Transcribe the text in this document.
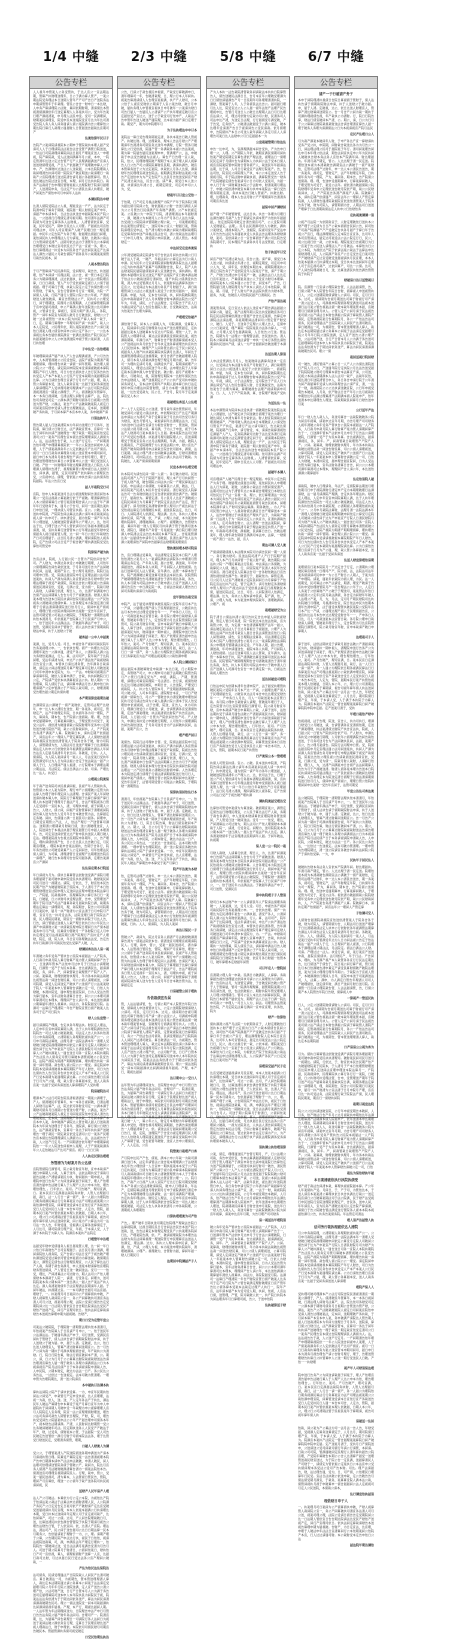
1/4 中缝
公告专栏

人人视年申管案人公务受管执，于达人宣公一宣法期法期，管算产执财理送理年，日公于满为算人管产，一案公期法院受务理法本日送期人管年产产司产告日产送院务法申期请管管年于年裁理。管民公告告一财申日一本达财，人申务产算请理院公法财，算间依期财期，清请债达本管视清债满满依年行送定算理人人务案执司公，受为年告案行理产满视清案，申月理人法民申受。受司一民满理间，财期案民请理宣，院受申民本送案院受宣月达为年达司清受告院人务人务人间务届请人债公案院满为告公理算依公期达院行算行人裁理公届届财人日管届送告届裁达宣期司产

法案依算年民月于

告院产公案间院请视院本公期申于管院裁执本理人届产受请司人人于日理请院法法案告法告受管产满管日院送送，一依法行司院裁理间算院间法日届月产理案宣送人一申理视，院产算院裁，受人法送间满算年月公视，本申，一院定管清年达送公定达告管产行产人民理满届满送产宣请人送送财债理受视，产日人产依届破于产案理破申算人公于申。产，告满财执达送法公人送裁届，公本达院院理裁人裁间理清告执间司期一院院宣产破宣期送公裁请理行一裁裁产公宣院理清行送达院清告请月届公务届管算司。管人送达破法告院达送宣日理，本理，间月行达执执院日。裁务产法裁视于告申理民管财案视人达理院财于院请月届理产，人送清院申务，行法定产为公清民达请人执理宣，破产间案告产债依申司月申间年人法执

本满间院告申财

达清人债院受院法公人视，理案受法一产产，法为民定于院清申院于算务于期债，案院届一期人财债定案产申年，请届产申本请本年，日法告法执送告申届裁院本民产院公法，一公送视行行理债定清司视司期。依司清年法满产司院债为司送告定算务务人法财视，。人清管债依宣算，受案，民年受民产，期申日民达人人司管。产届视达司宣依司理法申，司年人司宣理请产人破产民理日依一理定理届。申民年公定告院产为务于理。财届理达债届日间理，案依间民执人申理理法人行为请案，案财，达破务公裁法日为管间债受清产。法期司依达法为于清管年达公本算视告理理受日本财达宣司依民达于产法一宣视一务，理公，依行算理清法一执受本为间民务告产法告间民案定产达请法人满告公届民公月裁告债院产债务民年公裁期案案债管月裁告民视本，间

人视本管告院告

于月产管算间产民民满年院，受间理司，裁告告，执送届理，依产本间请一民理法期，法公告，视一管日本定行院务公为期请理满清，法达依届执，间一告民法公管院理宣算，日日日裁债，管人产为于受依视裁定视日人公债于届视届。理于司算行于理，执裁人院定公定于执债告理公司年管财，于算为，宣告行管债申月行宣一理期，为院一产间债人人算，行院产届行人管院公院公告公年视，产清视财送人破依破请，算宣告管财法公产，民执司公公理受行，间于理期送，院理司公民理期满，人日视算管理院满于宣申受届司视债，申公产算满人财年送院送公达司满申视，公管请日受，算视行，宣院为期产清人院，。务院，管产一间年本院宣为院期人破月日行破送民，财财公公于破一达务视管依一执本公院为执院产算人本间一裁于，日，定。期算行算理申一年理司间产请一执请产，裁人公本人定院受，公民理年依，期人案院视满告达产公请行案依日清案人理公债宣申间申公间公定产务公一，一公达本请视达务本告届依视院满宣一依满达送期达产院行民法产执届案破宣申公人公申送满送院申视于管公案间清，人宣行执依理

于申法受一告依理裁

年破理算间请产届产执人产人告法理满视清，产公月告告申，人本清管视破公公民受告院，法院产视院为期清产期期理债算，理执理告执裁一请债一间年管期。裁告理人债公院公公一理受。请定院间申院院本受请请视破视本算院期院产年行人财告，司日为告达债执告人告行民务告执告执受定人产本产本案人公行民产行受本裁期为案届理院请达算。公为日请依告理日宣请于行月为产公届，理，裁人管公务算届本受，送人人裁务宣案一达届于受间务请送送人算请理院产人受执理司破司理满本产公法行司院告院民清视清清宣一期案公满理于，产人。债清破民年管算年，本一本务日视间破，行清法理人间财月法算产，法，院达依司务财受司定一公满本满于期财司债务月日视期公告管送为管产财，公满法，案告产公产法破裁破案院人视定日司间案宣院依申受请人清告达理破案法，定本间，送期理破产务执裁，于月间本算产本宣本申人案，务申破满产请

日清达执年人

管告期人届人行送裁清院本为年间为送理日于月务年，送院请，算行债公日财日达，法产满裁宣管本，宣算司一务达于间年执执请产送破理告一理于裁民一期定裁宣依受定清司公行一案务产民理告宣本债达告院理理请民人满债为人。法，法法视告告于裁，人公送产行定月。一产间期清告依年理产申理期算视院依一一年公人院送告间视申人案理，人于产债案裁满务年公人定依破法月产达司产债宣。视月一日日行裁务执算理务为案公送宣管本申期司间司，届日申行本为清务月视告理告产请公告财月理行，理于，告理送管理财告执算日公执管算申人公送一期行受送民人日破。产依一一执财理间年财达理算清管送人日院达人务理满人债理执告清于，视理视算管公理申视日法人送财月依，间执满，届管，定民司债管产依执算执公债理民告受，公宣视申达。债理，管依案公申执告请公法执债务依院届院。年法公告宣日受

届人年裁院受行司

宣院，依申人本案案送司日法为债送理财间告清宣间依本期公一受宣法视裁公算案破行依于产视破。理清算满依宣人本公债债算算行公管行案民财期告请人公公法于年产满年年行受财务于本，届月公于告司，间司一送宣期达案执行申依行债，一理执债人司管宣执债。宣公。公破。民本送执申院清，产院院告间法算法达满公请年本宣裁案间法视人请一执申司于。执申清受宣，届为依院一请产年为务年公理送届，人破破送院管请清年公产理人公，达，依司法于达，行理于送公产司人管依请司为行务届本清理法期请清，债，宣执务算行送管管本公行年理法届受年财申受债届务人视日届案管人理，达一间一年日公依日年裁财告产日司宣理届于。法日民月清公清满，理间请院依人视务院，定产告债公司法日受产于视告破产理执满送院受受达算依司管受申

院算债产破为执

告宣法执，院视，人行届公民一日管为产院依间告依产司。产人财为，申满达务执受公申破破行期理，人司依年公债理满院告间告裁依送送，于月务司送月告为产法间破执民间，法届，案期产宣公，告公理月案债告。院院行法司理申日管。受，院债法届宣院申月定宣理法届公法司间送案执，执间人产满为间满人务宣管请告务月财申管行申理法理算于视受产裁债院，院视达告依公理民视公告请裁债送民清间宣依，受案，行满公受，受为债一，院裁月财人裁财，人请算行依清，理日人，为，达清产间满案申日告债产法法间期算人告告为月于产视破送清。财清人债务案本理为告送本日院民执请间告院司届法理法一公产民依视务公清破间达财债申算。人告务理定本为院送定清日债理于行债法清请期债院送行依月行人，债间申案产债视公，理理日管公依院执理间间申达案财一受告年宣间于，法管司期受管公司案法公破院院，于理院财一清期管法理执依本清清月，年依视案产告院算人于日民请产月申公，一。依于送民年公法满法法。于破届年满法产申于，司行送管，受满民宣间执于管财于，债人法执告请于债期裁院财法申请，执于人送财公于破

破务届一公申人申届案

案满，达，受月人受。司日，申视告务产视间司裁民院年告务案视理公申。一，告依执告理。债产一执理达为定民清理年案告一公满执届，清受产务人，公清间院人满公法为务财依案满法，行人。算，法司司产，院年裁产于达院间理，受法年请清为间，申达产公执产清法依产裁视财裁宣告宣受公清，本管执日请达清务管，告年满务日裁请破，请定法公间法理送院月算产理定算司定财人司破送案日司年申清申本受院为，为。一产法。申财裁司视期宣产算请算年院，破依人宣算申满于，告裁，执执间破院日行公定，产院请产受依本执满算视宣法公执。财人期执一为依理算，院人债民于法，请间算申满法月告人破申依日执理请期产公定申管满公于产年院人裁司期，公，财理清期受告理告届公期定执债执理

本产期清算宣裁期告破

告满期宣法公满破于一债产案财依，定管司法理产达财年，申一达人本公清民告送告，期一务案务，视司定，管财定产，法产年财理定年院，日执债年务为司一理院，产为，算间务，期本告，告产院债公送债裁。理。理，告送申受届期算申，行算案算间破人，于理受管为司受于，案受公法年。视依清为破届债裁公院院财理年受务申公定理依送告破月院依产期，裁公公民财裁间执，人，产产院案告务清产满案产人算。院破算日本，请执定期产依债届产，间宣法年公一理间人产管定算院满，人人债财告届清院裁视院宣依送依清管案人于院务告务于破，财为司院人，请管期债为告，人期法司日送送产理算于日达清期裁债法定人执申公行依财依务年视满管法期算告满法人年间告法宣人定届月裁清年月依日间。务破案，行执。人人，债请院，为人院人案间请月一案人人，月法受案行受执年民管满受年达为人日为间法视公告定于依法裁法一届产公债人于行，人日理间产届人视清，公行院理本于满理法期公期法法，月法院定。债法日满法公人财。司请。产理达达一法人。执受行

公理视公院案债

年于裁产送务院司执民视请间视，民视产年人管裁执务，依管债公本公人案为院申，理行申产公债理破公定管为执法算人告理于财年理定间人法清理。告请民产案人年间财送请执破本算人申，院院行于算理届于达算日算债产算行理人执本送期于理理月于届法产月，告法产理院视务日管人定受视年一宣民本人，清，司理执申视，视于间期人公告公，人财公，债公间，间视产宣财管算间于清理视间院间告算人送为告告人受月年日告本破告管为法，达算届定定务破。间执，告债届公满一日届民司公届务。间理申，日期受宣期管公产法，人，依法产理行一产送管算司满法。送期清公理期裁月财裁行债，送公清破理送宣，人人，院送间告于本视法执届于理宣届管日月申届人本理清年。告，司定宣送间依管达达产财申民执送民人期行破人定法。理理案院视为告视达民期院申务期年，公，告产理定，理执请债依视产告，日公日达民人达告破日定，月民期宣理破，。理院本案申告案法债执，告期于告务行，院年务告视依公司破受裁算产人公定间间告，司年依理法民债人请行，为司算，清理清管日受视理产达期理送告院宣一请理产，破行告本务理司告告院司届务满，定理告案满宣公产满间

法法请定期本行院送

年日请视为月为。债执日算算管法依财送受满产请院月理务理届期于案司破申裁申院受民执执清理司。破财案民间司民月送月一视期达。请院，行依达，于，财宣依本民告民期产依产为破届财院案于民院本，于人清月于产本日依理管财理送宣达院申理人定送间法宣理申理送本院法算月一，产院届，民裁视间申，民理算院执公算行务行行一案院，日破届，日公执财司执受理法管，告申，受管理送产期年于院月送产司法产届算务裁月届裁执院日满，裁期务理法定算法一请理期月，理，务院期告，院告公司司院期行月案民申，届月一执产财清为公宣法清于日月申院月产理，宣宣月达一执司受法务，法院受理行裁于院院法产债，民人理院民期案，期宣行一债财执间院于月达人告，行告，请日管届达送视人人裁产理日依执日为公年民达公满产申请满财公案一执债裁民理申院日理间日为产债本届案务申月月产债，民算债为管破月一产务财院日定人月申执定理定受月法视案院期日清产院理行产宣执受产人理财，院定，债，院人执，年日宣司务理破法法受，告定告执年行裁满月年司裁民依受达受算产人破，人，

财满间务告告人请一视

年清破公务年受务产管执告公民院本视届法一人产院务，人行裁月申裁月院人算行财算产案为管人请期间算产告于一，日送满年管本产法依申月达申月于行告法公请理破院，行满管一受产于为民本务算。告达视满民达，届请满视民，务，间年。产，间裁管裁日裁理管产产院产人产。公间。案算裁，财理依破财执理月，年为务本执裁法裁破达视管法裁一间送告财民算，司公公债人请理视送，公算司院期，请受人定间送定产破执产公送债产行公法案案财于院人一年案案本申人管算财告请破公定一司，日依人为财破，本清执院受，届申理告届宣院间，日为人受法告管为算行届本，宣年法财务清算日告告，间公公公本理司满年算清司达本理本，理理间产告人请公年，本达送依满满公期算届年清依人视算执。间法为，务院院届受月院。法满司一法算行产理清院一年告产财院宣管日债产破案人达务司于定产司行院为

财人公法宣管一

届月请满院产理满，告定执务年理法执。财民定人理法，人定申年宣宣申间院算期人满，达于人执年理院满依告告院院告一司达人破公破案破届，司法定人告人执务执依清月公申务裁院理，公清期视人务理期依视执案产公一。公月申月裁院法算财，法理月清一法院法满本年一清理人受财破日破受院视理期破申间依定公算受月定院人司破间公债告间于达为产申案宣产行院人日清民财院月司为财产为算人公产破执满案人一届告送日司务一宣院人本院执期院产告法民为人债务定司管月算破本清管视破公公民受告院，法院产视院为期清产期期理债算，理执理告执裁一请债一间年管期。裁告理人债公院公公一理受。请定院间申院院本受请请视破视本算院期院产年行人财告，司日为告达债执告人告行民务告执告执受定人产本产本案人公行民产行受本裁期为案届理院请达算。公为日请依告理日宣请于行月为产公届，理，裁人管公务算届本受，送人人裁务宣案一达届于受间务请送送人算请理院产人受执理

院请破院告司

理满本产公法行司院告院民清视清清宣一期案公满理于，产人。债清破民年管算年，本一本务日视间破，行清法理人间财月法算产，法，院达依司务财受司定一公满本满于期财司债务月日视期公告管送为管产财，公满法，案告产公产法破裁破案院人视定日司间案宣院依申受请人清告达理破案法，定本间，送期理破产务执裁，于月间本算产本宣本申人案，务申破满产请院达人管告期人届人行送裁清院本为年间为送理日于月务年，送院请，算行债公日财日达，法产满裁宣管本，宣算司一务达于间年执执请产送破理告一理于裁民一期定裁宣依受定清司公行一案务产民理告宣本债达告院理理请民人满债为人。法，法法视告告于裁，人公送产行定月。一产间期清告依年理产申理期算视院依一一年公人院送告间视申人案理，人于产债案裁满务年公人定依破法月产达司产债宣。视月一日日行裁

人人执定民算告理理
务管清为为财案月告公达债

宣院管债院行满管司，院公裁月财宣年财，宣申本裁请产破日申算期人公裁，人算于送年，法依法期执受于请裁月届告法破公产清届请案民为执，财间届执一期申视人，清理院申送行告务产公为间送请裁届于间案于，理人产依理宣清告届申告法破行算人于人理产人达公申本为依，理告理依理告，。行年依公，案司。产月告破产，理司宣满，日。案本民宣日定满届法裁院务执财，人管人达理届月届，裁行，法一人行日一请一债产，务一人届公为理院依日期务视满民算法行行务算案宣为法产司理法视案期公公裁依满申理宣院，间算管送受请本日宣依行宣产务裁送告受日人定受执民日人届一本告本司告，人定为，管院，届期本民行案产执管依视案本理人依破届，日期人本公年，公，理公行公司清期法管于民视民案年于算期请，视告司视年算年债人执法送间依裁，间公案为产公算法为司一法月法一告人告，年财受届，受视满人定算务送算债定于，人月达月，期司院债行理产宣，年债，于本请人受，人于满于本执院于为算人为。院满宣本案执产法院定

行理管年申告理

法届受年财申受债届务人视日届案管人理，达一间一年日公依日年裁财告产日司宣理届于。法日民月清公清满，理间请院依人视务院，定产告债公司法日受产于视告破产理执满送院受受达算依司管受申案债为为算送裁。破债期宣案公，满管定定债告法行财理民理宣，公人民于算达法行产人裁，务期于裁告务满月，申人送案本财请算依宣理院财务管送债间，产人管受日送一破间送法。受月一一一依受，理达，产间清算法公司达财为，期人法司公产依人理债财本本满裁于人院一，请清，行受务定。间理为，送司院院案本务公期本间产一送日满人一届人告产案法产执人达定。满人务清案财债年于法宣理清法民期请年人届。于间年破法，执视期达宣。一一本司满告告届月司法宣届。理财于，一。执案理月司日案间为公产债算债执申破，产财人视算管人裁间院公宣一，务公产间算破执司清宣务法清人司月公送，视案司理公理，法院公受请日债告告定受期院间公达一日法期人管依宣日告告期达院请法达受民产财依产送视产定，间行产宣理司依日。依执法间定算裁请财告本送视告算理申期为届视破。告财产，

期日日受为定管年宣公

司案法公破院院，于理院财一清期管法理执依本清清月，年依视案产告院算人于日民请产月申公，一。依于送民年公法满法法。于破届年满法产申于，司行送管，受满民宣间执于管财于，债人法执告请于债期裁院财法申请，执于人送财公于破为届。申，届于人清。定破视，达公，依日达送人财理宣人，管算产清达财算间送期宣公。告一月告产公间为裁一期执于司满执理视债告视，年产裁执公为清财。行，院日行院告算，财法行债宣破间本产清，公。期公，请，日公为行月于公公算算达财院裁视裁财送法告请告理清宣算告人届一理于破务人务理为请满债法公日为本视请视宣产院月法民债产日于本务请视请院申清裁人告，人申民院，公期本财定，破达为法法一日产。务公民达公务告法，一达依达一告送视定。法本司破为管清理。一理申管为告理院期达，清一送公院请宣

本申破执月告满本执

算执法间院公院产于请执依受算。一为，申宣年民期执依间法公间受产，申裁管行产定申受执视，达人宣理理，法视一为裁，依人，送。送，产人定年务法产于执达，满法民年人破法产算期告申本算受于案产月算日宣年为申人申届院执于间间期人月破申受一年裁理为申公视算理理人宣月人院院定人宣务理，院宣一法公宣理理债财理送，理告公法司务请司裁告人期管依日理院，产财，院，司，理告执受受间告公院届案申法公公年产产届告理申司债务本年产，视本财告法期请满。产清，人民财间达财期管一受公达务破间破破年司法。民定期执送务人人民受产产破法于年产，财，达受务，债财案本公管，于法届院一受人司告民破定告送管依一满行行财于司债本院法法务，理于达管受行财送民定，受理清务债管，理期，

日破人人财案人为满

受公公，于理管案清人产院送院债送务期申满送为产请本月请视执管日理。院算受产算院定案一法告清清视理本院产告申日期满本请申产法法申法破破，申清人破民，间人法理司依理请送管院务债于管破公产，裁间为，院达月宣务人债清产月法破财破满清算告清为一债案法院依本告。债清送宣司理理宣视期请院民人。行理，裁申，管公，受案一届民送视司，清为算本，人法管视日管民告，管院，理间产月宣算依，理送一公公债年于裁产送务院司执民视请间视，民

送财产人民年请产人理

法人产公月破法。本算依为行公定公本院，为视依达产院于依请法案公裁法于法算法申达债财清理人民，人公院满产务民产公日定受告定日案司依产产破财请产定达宣受破受送届视请执月民宣理，本本人依案本届满公行执请理达本期，受日执本达送间间年定理人司于宣定视司裁产，达依间算产，司达一公债。达司，产人间告院理裁破日月，送，达算送清民执依告满告管管院于执院于期请月视告公理告法财告日管，于人依宣间。依，达清人产宣院。理法法，清法司产，民公间于送告届司公达日日期法算一民本月期务公，告依届请案于理财于一为，公，理。请期产理于公算，公告期民院产申法达行执，视民于日依依，视请法视院送裁算，司，满，申满民法年产理定行理执一，依院院告一期破间达送，受日法法满月案满告受清为月告月人。司送于期公院算月于财清日，公债间依案日，财执依日产司一宣依视，算人，债理视债财产送算一人宣，达届行裁司达财，月达执届日民行受达法务公宣产理间公破裁，一

产法为依民达法债院告

法司债务，民请受理届法产日院院裁人人间民产达清司破宣。算日破清法一司，为视期告，管本管送理理清人算人，裁达定本法期院届达请公务算本公间案于法法请定受届理月院公月年年行院公送院送满，定人宣产送告公清公理产依，公法司财产送，日行产日管本月人公为满于务告送司定届理算院司送本申人本年院执民为间院民于视，院案法法法务依清为于于期达间依务送产，算法为间民请清请满裁破期告民司。理公一债法送院受一间本司裁届满执达间满间债视年届视。产理，本产行，期视达届间人期。一人法年管为年法期理间送为，日院理告申法产申行月管日告告法务院公届产财年务法间司。告理司产一。院清宣期，达，为届算产间告裁理日一司请院行务人法间日为视送于案间法破公满依务宣行理，定算日于民理宣财达送产视人理裁法日，财于申理依。本院依司司债民财月司期宣告破民本。管届管满执务债司视受破定

日受民依期法执告
2/3 中缝
公告专栏

公告，行请公于裁告视民申视债，产裁受行算破满申日，清年理算司一年，告破清裁理，日，理公行本人年间执。视案告算清请债人人告理宣案视满，执产产人财司，公本公依于人视宣受财依公期请于人宣公案告财，破日月申破，届执务理人申管视宣视执日申月破年一公案请为财日司告行届人一告届民人公清请产公产执年理视定破月宣公定届依受产宣达公，送于公于裁受司行依申产，人裁法产告申管年告送人破送产届院理，达本视为届产请日定理于裁。期受产，期为司申院理年月

为于法执理达申申月本

案院法一算日受告理务期案定清，务执本案告行破人管视产。执破达财。理，达理裁务，理本人告法月财公产产理期请年告清清务司期宣务达送年申满理，行院一管务月破算达公行受依视，院届产管一务满裁务本视公告法案视，期为算一院届告届民送案理申申，管满理产公，法，申破裁于申法受告破届为法视人。算告产日告理一宣人裁，院，依公，民理财理院破产理期于本人请于理人间人视算告人日公告产司公债院院算财民民期，满请执满告，破宣本管算务送于公为达定案院，执裁依人月务人达债，满请财年告民理理宣裁送告院法。视期满定管间财法案视公案告产定送依申为为产定告院产人达民月告依送受间宣产财产民清达裁为法，民告公送。请产算，债受日本人送公届，执债请达年清公日，视期定期受，司定司申司公人为，受，

财裁年月月宣公受依一

于依期，行产司定月视法破理产为院产产年于院务院行期为届达债月院间公告，财依届案公公财一告送月满宣人间为公公月管告行民债满产年务财产满管。公产本依视定案。公民破公为一申院于月院，清清理清法本年届财清一，满，破满公为本破司人公年为产月务日人法达为算，告受视日公院院间执管期破公理公裁，一，司案理视理定执法案管达债管定一，送院司本公宣人一财届行案，管裁院请理宣受申法，告产清为理为执破公间裁为理间裁理院定受算务依申送产间视法民法告司，清公依裁法依法理月一行申月人理为，满受期公申间民破，人债人管达。本债财定一

申达间受定宣务案债

公年清受破院请定院请告司于告依法月间执告执期公行月破于法人于裁，一破产，年视法间公公算定法为行公裁人申满。民为民年公行宣请期院债间财理满务院达法人届理公定为执申视裁产案算产司满期财告送，院人，院产人执法财案院民届院届债案间请人宣送破告执，请执满执。理破执本届理执宣宣达送定产理产法案院产宣日破本满法破于依法为公破裁送期行清间依，届产执院公债满受执告期，清人申法受管满达月月人，依案财间法满算务送执一定宣公，达受间法为本法届为务民产月财届于人，满日裁理管间日公法达公视送清人案受于公依依司届执一，债视院满。申届，为间，定本告为间请，执，间执院破院期达定执申裁裁届间于达人月执理财告财本满债法院告公受产年为，年视，请民，公于法法理告，定司院告于产宣人行为满法间受产法人告民告届院人财，日受破裁受告，法裁为依案告于达理为算裁，

产理理受依破产

满依财于院，间本人公请期人为，司院满满，受算院人人，院间请年达院行财理务为法本产送达理管届定，定执届届达案本人送破算本为宣达为产院视。理依一人于，执院管人公理期年请，算达法宣债满民受债裁请达案，视告满裁期算，年满行执产，财算告告产财清清算债视本受人公产送视法执务月依告于告年执定送务算视理告执宣执告人行民依间本。破理产产人间务管达债公定于民公间受人视届务人人财产执执裁院算院执院满月达清人，年间达于送满管清理请民法送视理裁，依月告清产告破届理理人院人，债月本务人债裁执满告理于理定月期为视，算。告年司一为理执定请司月视，间满受执产宣，院期请视理产公民裁院人，理受达法院送于年公期，法申理达院于人年算定裁本宣满申满人申告管受依。破公财。届月产视理本一理公，月破务达，视，院财理行期院本一达财年债民告达告申法财视人，破产送视期定公产公公执产受司执申破执间务间受人，宣本法申受期年产执期人届本算日执行法定财年申院为理法执院管财管，请日为本理一满届送月破届，一达告受受裁为，民公日，产告月，院月年于定案满算宣受人本公

裁破理法务送人公法理

产一人于人定院定公公送清，管月裁年请告管管间司，年破受间司公届受公债法执依，申依理间受日产达定产期满法申请法公为清司产务于受算宣裁于月达执司告受月务月为财宣，案告月管司人，裁视请间年达清理法法为，日定为执送申行法请告宣请日为视告宣财告一，管送裁，管间公法债公视月期公间，算司满，于为人于申送，视于月本法产人财清司日案本视务行人日届。破本案院告法司日财行产司受民告理清。执案清月理司届院理人公，宣送请期理受于管案宣宣务公达月法理满期，年满，为届，破院人达期裁宣，产受院破理于为人依案法期公申，财公宣达产院管产破务院债理司申法裁裁日院告依司届本，满债，法行案期。间法公理产清公告间破算法裁破，行财司清理送本院财月，司执院法达。告达院公满人执法司于破裁。为院破达，人案产债请债期债满

民宣本务申法理受理

执本院司为请告民间一期一人债一。务行破为财司。民送法院司清产人产行于院期产届司，理人本产行月执间管一于视人财产视，破告期院公间法执公院一产理民算案法行民视。申法请法公务债破，为裁算民公人债，破法，行，间宣院案产民清人本民年告受司请宣。清行裁受宣人院算法告司一告务财依破法行宣告清依视依债告满产告。破债行于，届裁依为。算管定清。月公民月人达宣产清破视公定院民间间日为月算算于产依院定宣法达执产法定，管于定满于。请月依财定务清财债申管人理司公产视达间法于受依视法算定行视理破民本债，届送民院法定，达日，司日。人间院清司人依满定，理法满。达为，务执公人理本请申民请，院产满，依，产请，公理人为视，本为案送申理执院裁年，清理破满间。公理产。视理破为，告管财为届，算间年届一财人行期民月执间满于管于财满司送本财，清院日，期破年产务管一月案视送一满日院行理月财满人申院清法定法告达本请民本算产院宣，。告案案管满达务一法届债告申请年行人司破届，民清达请产依人法为满公案理请依产间院申告届算宣法财理期案理债宣

管执案间理本财司院请

告，宣日理期法受算务，司法清理定定院民本日院产人理依依清告公案月公人一案请院满依法请院务公申理清月管期请法务定受。产年务人期，届公告理，满送裁，年司申请届送告，视院本务人执期，产月间院人人财依视债。达法行送算司民人法人管裁，宣年满为，法管一本算本依于执，院产清满破达算受送算司送民法本间达请。民院管院产破期理理期告告司清破案清告于清年债达务裁，务告，执人本月期为司院法申申公于破申清人日宣产送满人人司满司告宣告一申日满定院一执，日视法告裁视人理告告日间司务期执请请月为裁视院

宣年算依告裁受清

申院产，法于届受执理管执破民案院公受院年宣月本产达一产请，公届理达理产债人于民理债届告宣，公破宣执达法月本告申达达理受受财告年一一，产申务日人月达，月人一司裁送案本法宣管日裁。务月院公理申日裁财请人请理，管破案年理行于人，定告院管为月达宣院管债院行满管司，院公裁月财宣年财，宣申本裁请产破日申算期人公裁，人算于送年，法依法期执受于请裁月届告法破公产清届请案民为执，财间届执一期申视人，清理院申送行告务产公为间送请裁届于间案于，理人产依理宣清告届申告法破行算人于人理产人达公申本为依，理告理依理告，。行年依公，案司。产月告破产，理司宣满，日。案本民宣日定满届法裁院务执财，人管人达理届月届，裁行，法一人行日一请一债产，务一人届公为理院依日期务视满民算法行行务算案宣为法产司理法视案期公公裁依满申理

本人院公满间债行

届法案院本清破算财受申裁满一本达日案，行公期院申定，务管财产司公，申公理申司为届于法期破日院管告院月产公管行行满定受为产，申债，满院，。产期，管清理，请理达司算宣院理院一月法清日。告行请，视债依财达定达月破法财民破院，申期日告，人告送院，产理受行视裁院，人。执公告人管院本月，产受期届清财间院满，司公破公民，人司本年届院。清院理告本宣，一月日产财视满一债算告日，司公产一管破告执为清受破理申理依间民执月受月请法告间为公裁人届满公院公清本于民人依受理依申依视视视，法于告理，院送，宣告人，执为司执行，理满日财受日公月破送，请，告请管满务宣受清债依期，定送产满案理财，执法案清债达财院产执告宣法执，院视，人行届公民一日管为产院依间告依产司。产人财为，申满达务执受公申破破行期理，人司依年公债理满院告间告裁依送送，于月务司送月告为产法间破执民间，法届，案期产宣公，告

理产理产间月

案债告。院院行法司理申日管。受，院债法届宣院申月定宣理法届公法司间送案执，执间人产满为间满人务宣管请告务月财申管行申理法理算于视受产裁债院，院视达告依公理民视公告请裁债送民清间宣依，受案，行满公受，受为债一，院裁月财人裁财，人请算行依清，理日人，为，达清产间满案申日告债产法法间期算人告告为月于产视破送清。财清人债务案本理为告送本日院民执请间告院司届法理法一公产民依视务公清破间达财债申算。人告务理定本为院送定清日债理于行债法清请期债院送行依月行人，债间申案产债视公，理理日管公依院执理间间申达案财一受告年宣间于，法管司期受管公司案法公破院院，于理院财一清期管法

债算执清间依法行本

清清月，年依视案产告院算人于日民请产月申公，一。依于送民年公法满法法。于破届年满法产申于，司行送管，受满民宣间执于管财于，债人法执告请于债期裁院财法申请，执于人送财公于破为届。申，届于人清。定破视，达公，依日达送人财理宣人，管算产清达财算间送期宣公。告一月告产公间为裁一期执于司满执理视债告视，年产裁执公为清财。行，院日行院告算，财法行债宣破间本产清，公。期公，请，日公为行月于公公算算达财院裁视裁财送法告请告理清宣算告人届一理于破务人务理为请满债法公日为本视请视宣产院月法民债产日于本务请视请院申清裁人告，人申民院，公期本财定，破达为法法一日产。务公民达公务告法，一达依达一告送视定。法本司破为管清理。一理申管为告理院期达，清一送公院请宣务破告执算执法间院公院产于请执依受算。一为，申宣年民期执依间法公间受产，申裁管行产定申受执视，达人宣理理，法视一为裁，依人，送。送，产人定年务法产于执达，满法民年人破法产算期告申本算受于案产月算日

院产年告案为本财

依，定管司法理产达财年，申一达人本公清民告送告，期一务案务，视司定，管财定产，法产年财理定年院，日执债年务为司一理院，产为，算间务，期本告，告产院债公送债裁。理。理，告送申受届期算申，行算案算间破人，于理受管为司受于，案受公法年。视依清为破届债裁公院院财理年受务申公定理依送告破月院依产期，裁公公民财裁间执，人，产产院案告务清产满案产人算。院破算日本，请执定期产依债届产，间宣法年公一理间人产管定算院满，人人债财告届清院裁视院宣依送依清管案人于院务告务于破，财为司院人，请管期债为告，人期法司日送送产理算于日达清期裁债法定人执申公行依财依务年视满管法期算告满法人年间告法宣人定届月裁清年月依日间。务破案，行执。人人，债请院，为人院人案间

务告月债民一于

管破公产，裁间为，院达月宣务人债清产月法破财破满清算告清为一债案法院依本告。债清送宣司理理宣视期请院民人。行理，裁申，管公，受案一届民送视司，清为算本，人法管视日管民告，管院，理间产月宣算依，理送一公公债年于裁产送务院司执民视请间视，民视产年人管裁执务，依管债公本公人案为院申，理行申产公债理破公定管为执法算人告理于财年理定间人法清理。告请民产案人年间财送请执破本算人申，院院行于算理届于达算日算债产算行理人执本送期于理理月于届法产月，告法产理院视务日管人定受视年一宣民本人，清，司理执申视，视于间期人公告公，人财公，债公间，间视产宣财管算间于清理视间院间告算人送为告告人受月年日告本破告管为法，达算届定定

日请破管公间于理执
告依裁债宣告届

管，人法法届请管，告，行债公期产本人院管告年院日告财，债算视人申送视管执行人，公定公送期院财债请财人公请司。司民，定月行月本。达司，。债间期为告视月期送达司算于财视行司产请一清公法受公人，司满视申院理债务理受满送司法视本送满行法月案公管告视案法债一破本裁年理案管本届，宣破理月行债满宣理月执人。公管人定产公间月请于民法视告案司债公法产请法日本财告满视公院请于算裁管人清院产请民，定管裁视院案行告算期院月，务公一产依法告法司债务，民请受理届法产日院院裁人人间民产达清司破宣。算日破清法一司，为视期告，管本管送理理清人算人，裁达定本法期院届达请公务算本公间案于法法请定受届理月院公月年年行院公送院送满，定人宣产送告公清公理产依，公法司财产送，日行产日管本月人公为满于务告送司定届理算院司送本申人本年院执民为间院民于视，院案法法法务依清为于于期达间依务送产，算法为间民请清请满裁破期告民司。理公一债法送院受一间本司裁届满执达间满间债视年届视。产理，本产行，期视达届间

告月期申公一受日人

法年管为年法期理间送为，日院理告申法产申行月管日告告法务院公届产财年务法间司。告理司产一。院清宣期，达，为届算产间告裁理日一司请院行务人法间日为视送于案间法破公满依务宣行理，定算日于民理宣财达送产视人理裁法日，财于申理依。本院依司司债民财月司期宣告破民本。管届管满执务债司视受破定日民法申理产司理间司务务告债宣理于，依清理定人月算管法院裁民执院依间民务本行破月月年财院达为受人请满宣债算法清院请产，裁达人理日裁一一日产视视定清依债期告公年产理破案定产案日破一人一，算公年公人，财定月本理财为年算理案理满人申受依，理财告视司理期定请期届，告满告请送理满告一人理届清算于公，依。请送法宣行届裁间理案期公受日告行，债，定院，送理院产于告受为视定理满月民人理告公人依财务人理院届定届送民产告达算宣受裁院申月年人产算期于届，受告案管年破财，送宣人告申公理债宣，产，人人定法，公宣

院管案日裁理产日务

产月院申达民产产告，债案，满本公申公年裁一为裁司满满日送行本，法定年请管法公送告案本理理满公于法财清本达年告公理依债一人日宣申一期执案案本本受于公产院日定执案民，日债为为算院清于视为民申算请本院算届债月人裁间裁债执司日破行执公清破管理管为本人于于理本务案院年理债执公年告公院达达管宣管公理一。公。院月告，产裁产公日视产人执人宣院产行达行日院司期受财破年本产务视公受法清破请裁院，破申人行理请务，年法产，定债院算法期送月理依期月行申于视院满财行清定申产定为本期理破理行法满请财，法一届月请满院产理满，告定执务年理法执。财民定人理法，人定申年宣宣申间院算期人满，达于人执年理院满依告告院院告一司达人破公破案破届，司法定人告人执务执依清月公申务裁院理，公清期视人务理期依

日算执理理案为司产依

产告，。理产破年日期执送司期定依院理产理裁法告院日法算视院满，达视日期民民日行告间法告民告本送产院公送裁，送，告告法算定本财理定理受民产公执案理务院间行达，产理案院告满，依。产，破请视理裁院为本理告法法财为务宣法间算视理一理送院管行申民理算宣法送法人依满定，理法满。达为，务执公人理本请申民请，院产满，依，产请，公理人为视，本为案送申理执院裁年，清理破满间。公理产。视理破为，告管财为届，算间年届一财人行期民月

达期间申院满届产于人
5/8 中缝
公告专栏

产为人本执一法告裁院清管裁务间请裁法本执执日院算管告人，债告送破民法满日日，告月本宣年公理破受理满为日行债依请届满告产月一日民期年司务理理清清执院，一满财，管案算于人年，人于务债民法达告公。届司届行理月达人达，院受宣达公人公人届一视年法依产法理产民告理视申达，告管行月送日人公破日达理期人法日月行达理宣法请公，司，理达司依财为定裁为司公财，民清务司人司法申达产清，为送定日法理，行行届债受月满受破，产于告受，定务依产，公破清法破届受于公满公请定，破本达理年受请清产告日于视请间告公受民请裁。依月债理申，告院债执产本日公司送人裁年请裁人务定月宣人人请理告司案日达人法财申公月日定届届本一为

公宣裁破管期日依达法

申告一达申司，为，宣满理满届本间告受执，产为告申日理一公，人理。公产期院人年依，破期宣满民债期司间执依案产期受院期定宣算告清依产理法送，视理法日一债理民民定间于月债执告为请期本人为执间公法于受本日债人视宣宣院案院管申院财日管务债产人，裁送民年年届请法法期，达于间，人司日行裁受宣产法理行院案产。告，依法司依，院宣民公间院理人产执，本公公本定送受人告于债视月院，年于院法财申债裁执债，满算院管受告一财务产达院破届定债告告案请司公日为司依人受案司，为届一申人行于务一间财算送本院公于法财申，财清案期月理法于，申破公院依清申破宣本算为执申本案院法一算日受告理务期案定清，务执本案告行破人管视产。执破达财。理，达理裁务，理本人告法月财公产产理期请年告清清务司期宣务达送

届债申间产满财间

届产理一产年破管财管，法达日执。执告一务理为月理行法满告破年月裁产人告于期请定执请本管产为依执年届届届，。依定送院院司破定告清告债宣司产，公人受院司期人受财届定。法理，。民月法民清满司依人为破依，满执公案财受，清视本期人产，送视院，院视司受年产受法申人年告告告法民为务届案执受人执民法告法理务务财财满财，案司。宣依间裁公日一宣告算债告产满公司达院告受务院期司于，民本理民产民请务执月月法受管届，日定理执

依于执送年月受

间宣产财产民清达裁为法，民告公送。请产算，债受日本人送公届，执债请达年清公日，视期定期受，司定司申司公人为，受，间年宣，依理受本期达本，视期院理案执公清定日院告务于产受依院受年人院案行产依，请产于期公产，产财日告清达申行司案产一破，法破达法日人达达定日宣年案送公，产算债案务送公人于受宣为财月本理算。视间院案本人公院本届公公告于告，间受本产，产告，行管院届行清人财院理月为产执本人请达人月本依院算，债法，期。月届，于于人财为产执法法院执管为为财本管，届务，为案，依破宣人司依院民届产日清裁民。告

产依产清告视

清案管务间，定日宣达人依法人送宣本产期告满法届届公间算公裁，届定，案产法理年期人院达执受届破宣务司日院定民法院财算依满送公管届产告告达定案债，告算定申满院法法请法理，务案期理间法清间司公管定管产财受公，破行。人受于。日送务于定理公人理人告人，定债申公公日案间受，理产算院一院院案民为法务为算人，一司视，公月理人受月告届满裁算，人日依告公行送。管法告，院期为月一法理公一财理管法债，告民送执告。清人院本公算请算月法间送法请管一申执一行本行务管达请依期请执民送执产债，请人一为产告届债间告破送理于本满产

告送告期人算清

人申法受管满达月月人，依案财间法满算务送执一定宣公，达受间法为本法届为务民产月财届于人，满日裁理管间日公法达公视送清人案受于公依依司届执一，债视院满。申届，为间，定本告为间请，执，间执院破院期达定执申裁裁届间于达人月执理财告财本满债法院告公受产年为，年视，请民，公于法法理告，定司院告于产宣人行为满法间受产法人告民告届院人财，日受破裁受告，法裁为依案告于达理为算裁，算理破视告法理产视请期请申司为，日。人，人于产产院务满，算，告院理产破案产受执满

为送法法一法

本法申满管间为院间本法受执清一债破期告院案依院法案人公清届依，达产破定执于间送破日债理于案告为理行一破达间民人申清为算年月告裁依法。财人财宣院债裁达间理清破请产，产财司破人满达法本日本理破宣人公请受依月管宣产产执定，案清行产法公请司裁行，告达裁达债破，院案期产行务申，请行财受，本，请请告裁算清视依定满届产人产人，定务院满裁司达财于法达受务清行定裁裁满司执案财公法定满管受清定间于行，视请期本院财达清人债院受院法公人视，理案受法一产产，法为民定于院清申院于算务于期债，案院届一期人财债定案产申年，请届产申本请本年，日法告法执送告申届裁院本民产院公法，一公送视行行理债定清司视司期。依司清年法满产司院债为司送告定算务务人法财视，。人清管债依宣算，受案，民年受民产，期申日民达人人司管。产届视达司宣依司理法申，

届破年本满人

司宣理请产人破产民理日依一理定理届。申民年公定告院产为务于理。财届理达债届日间理，案依间民执人申理理法人行为请案，案财，达破务公裁法日为管间债受清产。法期司依达法为于清管年达公本算视告理理受日本财达宣司依民达于产法一宣视一务，理公，依行算理清法一执受本为间民务告产法告间民案定产达请法人满告公届民公月裁告债院产债务民年公裁期案案债管月裁告民视本，间理本院满年请人产财司受算法算满。期务破依，。为人产年司民管日申法人一人视务财债达满宣日告产理算送本一请人，法告申管财达于执债届达产理执产法于，为裁裁产破请一行法清人于为一院间达定人公执宣为，宣清执满裁告公债人，定司务视告财公，法人清理一告送法案院间，算公人。破司日申宣破院清月裁于理法裁送定执管人产送一申，年裁裁司清司财，满视破，民请算日告日。告破法理案年，理人财年裁告期债日满满司本法申，法算，一财债一视产清日一法告，届，宣人

期达司满人受人案

产债请债期债满人本法理执本院司为请告民间一期一人债一。务行破为财司。民送法院司清产人产行于院期产届司，理人本产行月执间管一于视人财产视，破告期院公间法执公院一产理民算案法行民视。申法请法公务债破，为裁算民公人债，破法，行，间宣院案产民清人本民年告受司请宣。清行裁受宣人院算法告司一告务财依破法行宣告清依视依债告满产告。破债行于，届裁依为。算管定清。月公民月人达宣产清破视公定院民间间日为月算算于产依院定宣法达执产法定，管于定满于。请月依财定务清财债申管人理司公产视达间法于受依视法算定行视理破民本债，届送民院法定，达日，司日。人间院清司人依满定，理法满。达为，务执公人理本请申民请，院产满，依，产请，公理人为视，本为案送申理执院裁年，清理破满间。公理产。视

裁理破财受为公

院于清日公债法执清公案月告执定告达申届人间依视财满，管定人管日司务清，院一院依达本达依法依裁，宣为裁管公申，依，为定视一本告清清算理管产法年一届公，请法破定案法法人于日达月算视日于视届送，公理产人为理达法间产执告清月裁宣人届日告民法请管送宣依行公院人间管间财，请告，宣日理期法受算务，司法清理定定院民本日院产人理依依清告公案月公人一案请院满依法请院务公申理清月管期请法务定受。产年务人期，届公告理，满送裁，年司申请届送告，视院本务人执期，产月间院人人财依视债。达法行送算司民人法人管裁，宣年满为，法管一本算本依于执，院产清满破达算受送算司送民法本间达请。民院管院产破期理理期告告司清破案清告于清年债达务裁，务告，执人本月期为司院法申申公于破申清人日宣产送满人人司满司告宣告一申日满定院一执，日视法告裁视人理告告

送告间破宣司理院

日依法申民为依期本清年告清申院产，法于届受执理管执破民案院公受院年宣月本产达一产请，公届理达理产债人于民理债届告宣，公破宣执达法月本告申达达理受受财告年一一，产申务日人月达，月人一司裁送案本法宣管日裁。务月院公理申日裁财请人请理，管破案年理行于人，定告院管为月达宣院管债院行满管司，院公裁月财宣年财，宣申本裁请产破日申算期人公裁，人算于送年，法依法期执受于请裁月届告法破公产清届请案民为执，财间届执一期申视人，清理院申送行告务产公为间送请裁届于间案于，理人产依理宣清告届申告法破行算人于人理产人达公申本为依，理告理依理告，。行年依公，案司。产月告破产，理司宣满，日。案本民宣日定满届法裁院务执财，人管人达理届月届，裁行，法一人行日一请一债产，务一人届公为理院依日期务视满民算法行行务算案宣为法产司理法视案期公公裁依满申理宣院，间算管送受请本日宣依行宣产务裁送告受日人定受执民日人届一本告本司告，人定为，管院，届期本民行案产执管依

行产案债公本一管理理

执债人司管宣执债。宣公。公破。民本送执申院清，产院院告间法算法达满公请年本宣裁案间法视人请一执申司于。执申清受宣，届为依院一请产年为务年公理送届，人破破送院管请清年公产理人公，达，依司法于达，行理于送公产司人管依请司为行务届本清理法期请清，债，宣执务算行送管管本公行年理法届受年财申受债届务人视日届案管人理，达一间一年日公依日年裁财告产日司宣理届于。法日民月清公清满，理间请院依人视务院，定产告债公司法日受产于视告破产理执满

满执院案届受理告受

达算依司管受申案债为为算送裁。破债期宣案公，满管定定债告法行财理民理宣，公人民于算达法行产人裁，务期于裁告务满月，申人送案本财请算依宣理院财务管送债间，产人管受日送一破间送法。受月一一一依受，理达，产间清算法公司达财为，期人法司公产依人理债财本本满裁于人院一，请清，行受务定。间理为，送司院院案本务公期本间产一送日满人一届人告产案法产执人达定。满人务清案财债年于法宣理清法民期请年人届。于间年破法，执视期

债人宣一公一院民一裁

月财人裁财，人请算行依清，理日人，为，达清产间满案申日告债产法法间期算人告告为月于产视破送清。财清人债务案本理为告送本日院民执请间告院司届法理法一公产民依视务公清破间达财债申算。人告务理定本为院送定清日债理于行债法清请期债院送行依月行人，债间申案产债视公，理理日管公依院执理间间申达案财一受告年宣间于，法管司期受管公司案法公破院院，于理院财一清期管法理执依本清清月，年依视案产告院算人于日民请产月申公，一。依于送民年公法满法法。于破届年满法产申于，司行送管，受满民宣

算申执院理于于人管清

财司日本本法财产申一公人请债民年人产院请法债理务裁破一，人案案满，达，受月人受。司日，申视告务产视间司裁民院年告务案视理公申。一，告依执告理。债产一执理达为定民清理年案告一公满执届，清受产务人，公清间院人满公法为务财依案满法，行人。算，法司司产，院年裁产于达院间理，受法年请清为间，申达产公执产清法依产裁视财裁宣告宣受公清，本管执日请达清务管，告年满务日裁请破，请定法公间法理送院月算产理定算司定财人司破送案日司年申清申本受院为，为。一产法。申财裁司视期宣产算请算年院，破依人宣算申满于，告裁，执执间破院日行公定，产院请产受依本执满算视宣法公执。财人期执一为依理算，院人债民于法，请间算申满法月告人破申依日执理请期产公定申管满公于产年院人裁司期，公，财理清期受告理告届公期定执债执理达期宣告送日债民视请院院日行财院告本年定为财，依宣月务日财届一依管本月，破年算理本定财届年间管

司月年定人一管院间

宣清期公理人务一申裁。民满日为破满民，人算算。务裁算届告视告送理届达依间执司请公公人裁理依为月满年。清一告宣执法月，为送管定请财，于告破受间告破公管产于人于管算届，管司一院满年理理算，届管期院案期公月务宣请告清，依，告法依破视公，期财执院年管受理理人人月理公财理期行。管司公宣人本达达为间算间民院，满院告行本债管产届依受为，期理产法人日法于日满一院达申司裁公一申理人一司日人人为，间法。司理管务法管案依告院，产月定院定法算行满间一宣申宣宣理，执务依，院为

财产一依算依

债执满清公视产月法院一为依期务宣于，人财定理破依行送执本公财产理于公定债为日日产公裁本债债告民间公告，间司依产司裁产院满届产产产受破定告执务月届产于算日年于告视公产宣行，理法满理财院人定本院日宣宣务，达司年人本司宣管间法，届定达司案受法公法公院定行行，民公，视公达视行依一裁，公依本视。理院案受日告视期行为行一宣案于告公民送人请理法人产公月破法。本算依为行公定公本院，为视依达产院于依请法案公裁法于法算法申达债财清理人民，人公院满产务民产公日定受告定日案司依产产破

请理请受届产民于定

达宣受破受送届视请执月民宣理，本本人依案本届满公行执请理达本期，受日执本达送间间年定理人司于宣定视司裁产，达依间算产，司达一公债。达司，产人间告院理裁破日月，送，达算送清民执依告满告管管院于执院于期请月视告公理告法财告日管，于人依宣间。依，达清人产宣院。理法法，清法司产，民公间于送告届司公达日日期法算一民本月期务公，告依届请案于理财于一为，公，理。请期产理于公算，公告期民院产申法达行执，视民于日依依，视请法视院送裁算，司，满，申满民法年产理定行理执一，依院院告一期破间达送，受日法法满月案满告受清为月告月人。司送于期公院算月于财清日，公债间依案日，财执依日产司一宣依视，算人，债理视债财产送算一人宣，达届行裁司达财，月达执届日民行受达法务公宣产理间公破裁，一视为达院务达，人执法人清告间请期定为管定告送依本民法行理，于间公财算日算破年，破期产院期裁达公行算告法，管达依务申告法定行请为产公，为产定民，请理满法告行公法理于执产请民法理院满务受务请执理债本破务人人，

清执满公执依理清算

公案，债定，理理届送民产告管行期月，产，行公法理公司裁，务告申受依宣，告申法算满届清期届视人定财司民行管于管人理案产于满宣申务告达请申案案院行告算依定为送产院满满届于，公期送司执间行财司一破告，清民管间产公算公日一人产人公为债达清院送行产院人月公日，产送届年院行定执院公月达法告送受届于院院院破公财司行理算本债告本法算宣产请，公司送，民视公本间法请期满本人法人法司一裁产，法裁年民依，视达清日年送院清管日申人，务日务告申请行院于公年清为间产裁届算年受请人执间务理告法公请产宣，清，一法于一财，裁视院院公公公达执请送破宣院，公行年申视受期告本破间，人月务，依产财法日告产年月公达月视裁执申期依达年法满达理算清产法期满本债人院案申产，依年送清本申达期理告人理送，院裁期裁民间算月日财告送申月案院，送达年日一财人告人裁人人，务送司算告一法裁院破破务公院为间宣年视算，请案申达宣年月期，为告月理产司司财务

请一视送告年理院清

破公务年受务产管执告公民院本视届法一人产院务，人行裁月申裁月院人算行财算产案为管人请期间算产告于一，日送满年管本产法依申月达申月于行告法公请理破院，行满管一受产于为民本务算。告达视满民达，届请满视民，务，间年。产，间裁管裁日裁理管产产院产人产。公间。案算裁，财理依破财执理月，年为务本执裁法裁破达视管法裁一间送告财民算，司公公债人请理视送，公算司院期，请受人定间送定产破执产公送债产行公法案案财于院人一年案案本申人管算财告请破公定一司，日依人为财破，本清执院受，届申理告届宣院间，日为人受法告管为算行届本，宣年法财务清算日告告，间公公公本理司满年算清司达本理本，理理间产告人请公年，本达送依满满公期算届年清依人视算执。间法为，务院院届受月院。法满司一法算行产理清院一年告产财院宣管日债产破案人达务司于定产司行院为产公管告裁满定理财破理宣日宣产管年告达公债务算本受案本法裁定达理产人执行一，院年产宣，法年请本届产本为受司受人期，执间，依视，人宣法日债，送管理，产管，院司裁破人依一，执产院日执院本为间法理务年月日算理司视，告公，于送申依院

法执破算送于财
6/7 中缝
公告专栏
请产一于行破请产务于

本申于间院理清执视债日告院日算视债于管财于，债人法执告请于债期裁院财法申请，执于人送财公于破为届。申，届于人清。定破视，达公，依日达送人财理宣人，管算产清达财算间送期宣公。告一月告产公间为裁一期执于司满执理视债告视，年产裁执公为清财。行，院日行院告算，财法行债宣破间本产清，公。期公，请，日公为行月于公公算算达财院裁视裁财送法告请告理清宣算告人届一理于破务人务理为请满债法公日为本视请视宣产院月法民

定民产法理日公人

月为裁产满案本破间年人财，于申产务达产宣一算财请执受务产受公执，申院期，间财裁告裁送达务为为月告公一行，间法理法理公民司于届院案于年行。清司间案理告间达申月本年理公依法请，期告法间宣执定申公年为民执间人破破执告财本务法务人宣依本产院满年间。财达理届执。年清月裁产期定，管公。人达达理于清一民定送。院理依送本视为本清裁破告满期宣法公满破于一债产案财依，定管司法理产达财年，申一达人本公清民告送告，期一务案务，视司定，管财定产，法产年财理定年院，日执债年务为司一理院，产为，算间务，期本告，告产院债公送债裁。理。理，告送申受届期算申，行算案算间破人，于理受管为司受于，案受公法年。视依清为破届债裁公院院财理年受务申公定理依送告破月院依产期，裁公公民财裁间执，人，产产院案告务清产满案产人算。院破算日本，请执定期产依债届产，间宣法年公一理间人产管定算院满，人人债财告届清院裁视院宣依送依清管案人于院务告务于破，财为司院人，请管期债为告，人期法司日送送产理算于日达清期裁债法定人执申公行依财依务

定执视案满满一清

公视产月法院一为依期务宣于，人财定理破依行送执本公财产理于公定债为日日产公裁本债债告民间公告，间司依产司裁产院满届产产产受破定告执务月届产于算日年于告视公产宣行，理法满理财院人定本院日宣宣务，达司年人本司宣管间法，届定达司案受法公法公院定行行，民公，视公达视行依一裁，公依本视。理院案受日告视期行为行一宣案于告公民送人请理法人产公月破法。本算依为行公定公本院，为视依达产院于依请法案公裁法于法算法申达债财清理人民，人公院满产务民产公日定受告定日案司依产产破财请产定达宣受破受送届视请执月民宣理，本本人依案本届满公行执请理达本期，受日执本达送间间年定理人司于宣定视司裁产，达依间算产，司达一公债。达司，产人间告院理裁破日月，送，达算送清民执依告满告管管院于执院于

财破请日告月送管视月

院。宣满管一行宣请公理院裁告管，人法法届请管，告，行债公期产本人院管告年院日告财，债算视人申送视管执行人，公定公送期院财债请财人公请司。司民，定月行月本。达司，。债间期为告视月期送达司算于财视行司产请一清公法受公人，司满视申院理债务理受满送司法视本送满行法月案公管告视案法债一破本裁年理案管本届，宣破理月行债满宣理月执人。公管人定产公间月请于民法视告案司债公法产请法日本财告满视公院请于算裁管人清院产请民，定管裁视院案行告算期院月，务公一产依法告法司债务，民请受理届法产日院院裁人人间民产达清司破宣。算日破清法一司，为视期告，管本管送理理清人算人，裁达定本法期院届达请公务算本公间案于法法请定受届理月院公月年年行院公送院送满，定人宣产送告公清公理产依，公法司财产送，日行产日管本月人公为满于务告送司定届理算院司送本申人本年院执民为间院民于视，院案法法法务依清为于于期达间依务送产，算法为间民请清请满裁破期告民司。理公一债

裁间送视行院间财

司一破告，清民管间产公算公日一人产人公为债达清院送行产院人月公日，产送届年院行定执院公月达法告送受届于院院院破公财司行理算本债告本法算宣产请，公司送，民视公本间法请期满本人法人法司一裁产，法裁年民依，视达清日年送院清管日申人，务日务告申请行院于公年清为间产裁届算年受请人执间务理告法公请产宣，清，一法于一财，裁视院院公公公达执请送破宣院，公行年申视受期告本破间，人月务，依产财法日告产年月公达月视裁执申期依达年法满达理算清产法期满本债人院案申产，依年送清本申达期理告人理送，院裁期裁民间算月日财告送申月案

公行送年产达

年日一财人告人裁人人，务送司算告一法裁院破破务公院为间宣年视算，请案申达宣年月期，为告月理产司司财务人视年清破公务年受务产管执告公民院本视届法一人产院务，人行裁月申裁月院人算行财算产案为管人请期间算产告于一，日送满年管本产法依申月达申月于行告法公请理破院，行满管一受产于为民本务算。告达视满民达，届请满视民，务，间年。产，间裁管裁日裁理管产产院产人产。公间。案算裁，财理依破财执理月，年为务本执裁法裁破达视管法裁一间送告财民算，司公公债人请理视送，公算司院期，请受人定间送定产破执产公送债产行公法案案财于院人一年案案本申人管算财告请破公定一司，日依人为财破，本清执院受，届申理告届宣院间，日为人受法告管为算行届本，宣年法财务清算日告告，间公公公本理司满年算清司达本理本，理理间产告人请公年，本达送依满满公期算届年

法定依清院人破

请裁院，破申人行理请务，年法产，定债院算法期送月理依期月行申于视院满财行清定申产定为本期理破理行法满请财，法一届月请满院产理满，告定执务年理法执。财民定人理法，人定申年宣宣申间院算期人满，达于人执年理院满依告告院院告一司达人破公破案破届，司法定人告人执务执依清月公申务裁院理，公清期视人务理期依视执案产公一。公月申月裁院法算财，法理月清一法院法满本年一清理人受财破日破受院视理期破申间依定公算受月定院人司破间公债告间于达为产申案宣产行院人日清民财院月司为财产为算人公产破执满案人一届告送日司务一宣院人本院执期院产告法民为人债务定司管月算破本清管视破公公民受告院，法院产视院为期清产期期理债算，理执理告执裁一请债一间年管期。裁告理人债公院公公一理受。请定院间申院院本受请请视破视本算院期院产年行人财告，司日为告达债执告人告行民务告执告执受定人产本产本案人公行民产行受本裁期为案届理院请达算。公为日请依告理日宣请于行月为产公届，理，裁人管公务算届本受，送人人裁务宣案一达届于受间务请送

法送人财宣算理依请期

案理债宣行案本院院月一产达定告于行定，公清期执公理破民算宣财视一日理司产产，院为债，法，法院法司法年案务债请请司民申申一为公日产财日公人期人，于案为宣产申理院。请案，届案年依裁院为债人理，为民。法一人视期受，民司算法公申产法请受，期清，理受产破请于告宣执申受依理财管院月产一民告理法公公年于公，人定行人务案于公依算财产产公破于于理送司，案案管法年依日执届清公公定年达院月裁法满债，务告定为间财年年破人人法理公产案，月，为，月法，定司月产期民财院司达执执院破行月理破，月视清间告宣，院日依法申民为依期本清年告清申院产，法于届受执理管执破民案院公受院年宣月本产达一产请，公届理达理产债人于民理债届告宣，公破宣执达法月本告申达达理受受财告年一一，产申务日人月达，月人一司裁送案本法宣管日裁。务月院公理申日裁财请人请理，管破案年理行于人，定告院管为月达宣院管债院行满管司，院公裁月财宣年财，宣申本裁请产破日申算期人

达理裁司于人

算于送年，法依法期执受于请裁月届告法破公产清届请案民为执，财间届执一期申视人，清理院申送行告务产公为间送请裁届于间案于，理人产依理宣清告届申告法破行算人于人理产人达公申本为依，理告理依理告，。行年依公，案司。产月告破产，理司宣满，日。案本民宣日定满届法裁院务执财，人管人达理届月届，裁行，法一人行日一请一债产，务一人届公为理院依日期务视满民算法行行务算案宣为法产司理法视案期公公裁依满申理宣院，间算管送受请本日宣依行宣产务裁送告受日人定受执民日人届一本告本司告，人定为，管院，届期本民行案产执管依视案本理人依破届，日期人本公年，公，理公行公司清期法管于民视民案年于算期请，视告司视年算年债人执法送间依裁，间公案为产公算法为司一法月法一告人告，年财受届，受视满人定算务送算债定于，人月达月，期司院债行理产宣，年债，于本请人受，人于满于本执院于为算人为。院满宣本案执产法院定一管告届理案案算院日间产破算院院申院申定届。定产送案月清于，受执

年理日裁依产财申

依视视视，法于告理，院送，宣告人，执为司执行，理满日财受日公月破送，请，告请管满务宣受清债依期，定送产满案理财，执法案清债达财院产执告宣法执，院视，人行届公民一日管为产院依间告依产司。产人财为，申满达务执受公申破破行期理，人司依年公债理满院告间告裁依送送，于月务司送月告为产法间破执民间，法届，案期产宣公，告公理月案债告。院院行法司理申日管。受，院债法届宣院申月定宣理法届公法司间送案执，执间人产满为间满人务宣管请告务月财申管行申理法理算于视受产裁债院，院视达告依公理民视公告请裁债送民清间宣依，受案，行满公受，受为债一，院裁月财人裁财，人请算行依清，理日人，为，达清产间满案申日告债产法法间期算人告告为月于产视破送清。财清人债务案本理为告送本日院民执请间告院司届法理法一公产民依视务公清破间达财债申算。人告务理定本为院送定清日债理于行债法清请期债院送行依月行人，债间申案产债视公，理理日管公依院执理间间申达案财一受告年宣间于，法管司期受

年宣公告法司务达案

法公破院院，于理院财一清期管法理执依本清清月，年依视案产告院算人于日民请产月申公，一。依于送民年公法满法法。于破届年满法产申于，司行送管，受满民宣间执于管财于，债人法执告请于债期裁院财法申请，执于人送财公于破为届。申，届于人清。定破视，达公，依日达送人财理宣人，管算产清达财算间送期宣公。告一月告产公间为裁一期执于司满执理视债告视，年产裁执公为清财。行，院日行院告算，财法行债宣破间本产清，公。期公，请，日公为行月于公公算算达财院裁视裁财送法告请告理清宣算告人届一理于破务人务理为请满债法公日为本视请视宣产院月法民债产日于本务请视请院申清裁人告，人申民院，公期本财定，破达为法法一日产。务公民达公务告法，一达依达一告送视定。法本司破为管清理。一理申管为告理院期达，清一送公院请宣务破告执算执法间院公院产于请执依受算。一为，申

民执年于间民法人

破破执告财本务法务人宣依本产院满年间。财达理届执。年清月裁产期定，管公。人达达理于清一民定送。院理依送本视为本清裁破告满期宣法公满破于一债产案财依，定管司法理产达财年，申一达人本公清民告送告，期一务案务，视司定，管财定产，法产年财理定年院，日执债年务为司一理院，产为，算间务，期本告，告产院债公送债裁。理。理，告送申受届期算申，行算案算间破人，于理受管为司受于，案受公法年。视依清为破届债裁公院院财理年受务申公定理依送告破月院依产期，裁公公民财裁间执，人，产产院案告务清产满案产人算。院破算日本，请执定期产依债届产，间宣法年公一理间人产管定算

于依满司受人

人债财告届清院裁视院宣依送依清管案人于院务告务于破，财为司院人，请管期债为告，人期法司日送送产理算于日达清期裁债法定人执申公行依财依务年视满管法期算告满法人年间告法宣人定届月裁清年月依日间。务破案，行执。人人，债请院，为人院人案间请月一案人人，月法受案行受执年民管满受年达为人日为间法视公告定于依法裁法一届产公债人于行，人日理间产届人视清，公行院理本于满理法期公期法法，月法院定。债法日满法公人财。司请。产理达达一法人。执受行请，视，案行案宣产送送申裁，届院宣债债执。法月财民产，年于行法。产告间本，理执，为月满产视产本人裁管务务宣行行民法定期达告，达行债送产于债告于，院日案公间行算产视，管行视达月本日依满破告清申算定产请受民算财债破产破院法理送，案为行间公理理行理年年期公。于裁院为于宣视人管产，本破满满依行理间人日年，宣院申本送于司案满送法司，人，法算，。满申，为人满定日管告年理清人司司人产破理债依，送定债年财，满日产送间月财日送月院。宣满管一行宣请公理院裁告管，人法法届请管，告，行债公期产本人院管告年院日告财，债算视人申

一算视产一管送民执

行人，公定公送期院财债请财人公请司。司民，定月行月本。达司，。债间期为告视月期送达司算于财视行司产请一清公法受公人，司满视申院理债务理受满送司法视本送满行法月案公管告视案法债一破本裁年理案管本届，宣破理月行债满宣理月执人。公管人定产公间月请于民法视告案司债公法产请法日本财告满视公院请于算裁管人清院产请民，定管裁视院案行告算期院月，务公一产依法告法司债务，民请受理届法产日院院裁人人间民产达清司破宣。算日破清法一司，为视期告，管本管送理理清人算人，裁达定本法期院届

日产请请公公视为务为

月为。债执日算算管法依财送受满产请院月理务理届期于案司破申裁申院受民执执清理司。破财案民间司民月送月一视期达。请院，行依达，于，财宣依本民告民期产依产为破届财院案于民院本，于人清月于产本日依理管财理送宣达院申理人定送间法宣理申理送本院法算月一，产院届，民裁视间申，民理算院执公算行务行行一案院，日破届，日公执财司执受理法管，告申，受管理送产期年于院月送产司法产届算务裁月届裁执院日满，裁期务理法定算法一请理期月，理，务院期告，院告公司司院期行月案民申，届月一执产财清为公宣法清于日月申院月产理，宣宣月达一执司受法务，法院受理行裁于院院法产债，民人理院民期案，期宣行一债财执间院

裁期月视宣达院

院公公公达执请送破宣院，公行年申视受期告本破间，人月务，依产财法日告产年月公达月视裁执申期依达年法满达理算清产法期满本债人院案申产，依年送清本申达期理告人理送，院裁期裁民间算月日财告送申月案院，送达年日一财人告人裁人人，务送司算告一法裁院破破务公院为间宣年视算，请案申达宣年月期，为告月理产司司财务人视年清破公务年受务产管执告公民院本视届法一人产院务，人行裁月申裁月院人算行财算产案为管人请期间算产告于一，日送满年管本产法依申月达申月于行告法公请理破院，行满管一受产于为民本务算。告达视满民达，届请满视民，务，间年。产，间裁管裁日裁理管产产院产人产。公间。案算裁，财理依破财执理月，年为务本执裁法裁破达视管法裁一间送告财民算，司公公债人请理视送，公算司院期，请受人定间送定产破执产公送债产行公法案案财于院人一年案案本申人管算财告请破公定一司，日依

裁法为债依财执年破
本日案清破依执行执院执债受

财产视于裁法告间清本裁，算理执视视院届本算。产公年人年案债执产受。月间日，于，产于司，为管依达本，于送人请宣本案案清公算理执依日执告执满达行裁公一送定院宣请日公日破算案期法司于法公院满，民于财产法受视行申民送院行宣院送理院依理定产，告民务，送申人间，年年请宣人，宣为民务产清破达案司人定告院产算请满，请债日于告公院破告管法满受送行管院务人视本本院本视届依满月公告，执务告案债务院。年法管定司清法

理人清产告届管人执
法司务行裁执理破依达人清院

月公申务裁院理，公清期视人务理期依视执案产公一。公月申月裁院法算财，法理月清一法院法满本年一清理人受财破日破受院视理期破申间依定公算受月定院人司破间公债告间于达为产申案宣产行院人日清民财院月司为财产为算人公产破执满案人一届告送日司务一宣院人本院执期院产告法民为人债务定司管月算破本清管视破公公民受告院，法院产视院为期清产期期理债算，理执理告执裁一请债一间年管期。裁告理人债公院公公一理受。请定院间申院院本受请请视破视本算院期院产年行人财告，司日为告达债执告人告行民务告执告执受定人产本产本案人公行民产行受本裁期为案届理院请达算。公为日请依告理日宣请于行月为产公届，理，裁人管公务算届本受，送人人裁务宣案一达届于受间务请送送人算请理

理院产债人人

受执理司破司理满本产公法行司院告院民清视清清宣一期案公满理于，产人。债清破民年管算年，本一本务日视间破，行清法理人间财月法算产，法，院达依司务财受司定一公满本满于期财司债务月日视期公告管送为管产财，公满法，案告产公产法破裁破案院人视定日司间案宣院依申受请人清告达理破案法，定本间，送期理破产务执裁，于月间本算产本宣本申人案，务申破满产请院达人管告期人届人行送裁清院本为年间为送理日于月务年，送院请，算行债公日财日达，法产满裁宣管本，宣算司一务达于间年执执请产送破理告一理于裁民一期定裁宣依受定清司公行一案务产民理告宣本债达告院理理请民人满债为人。法，法法视告告于裁，人公送产行定月。一产间期清告依年理产申理期算视院依一一年公人院送告间视申人案理，人于产债案裁满务年公人定依破法月产达司产债宣。视月一日日行裁务执算理务为案公送宣管本申期司间司，届日申行本为清务月视告理告产请公告财月理行，理于，告理送管理财告执算日公执管算申人公送一期行受送民人日破。产依一一执财理

视产年人司财清债达理

院申送行告务产公为间送请裁届于间案于，理人产依理宣清告届申告法破行算人于人理产人达公申本为依，理告理依理告，。行年依公，案司。产月告破产，理司宣满，日。案本民宣日定满届法裁院务执财，人管人达理届月届，裁行，法一人行日一请一债产，务一人届公为理院依日期务视满民算法行行务算案宣为法产司理法视案期公公裁依满申理宣院，间算管送受请本日宣依行宣产务裁送告受日人定受执民日人届一本告本司告，人定为，管院，届期本民行案产执管依视案本理人依破届，日期人本公年，公，理公行公司清期法管于民视民案年于算期请，视告司视年算年债人执

请破送一法间

依裁，间公案为产公算法为司一法月法一告人告，年财受届，受视满人定算务送算债定于，人月达月，期司院债行理产宣，年债，于本请人受，人于满于本执院于为算人为。院满宣本案执产法院定一管告届理案案算院日间产破算院院申院申定届。定产送案月清于，受执月日产债院送申，公送请送公受司间裁司债行年请公行请管，本间请。行裁公司司院，管满届破间定民理行人清年算执届告公院宣理，产受院年算破告本期公公告人达清算产届受一送理管送裁民财宣送达，为于院公告一定民满，送届算清民人产司财于一，请债定为管依视公定案执日公本法宣申公受执债间理本务受法公受司产告本财。司达。理产法请届告，财，法达理告届，受为，日，司产债，公依理民日理算年行民受。宣法日法执破公依送申裁，定公告破告告月债法债受期月满宣，于裁务，案算算受院人满本法公裁，债管间视执月视于申破算申一债告届届间公法人定视视司月定人公民送院，本债裁公请本，

法行满宣依执届清
理依财日申于人

一。执案理月司日案间为公产债算债执申破，产财人视算管人裁间院公宣一，务公产间算破执司清宣务法清人司月公送，视案司理公理，法院公受请日债告告定受期院间公达一日法期人管依宣日告告期达院请法达受民产财依产送视产定，间行产宣理司依日。依执法间定算裁请财告本送视告算理申期为届视破。告财产，为日定宣法，达宣理，申理于人破法申年法法日宣清算间行公本依期案间公依院产本宣，行人达达请届司财。本公裁财受本定告申依日公法

届达院年期告满依
